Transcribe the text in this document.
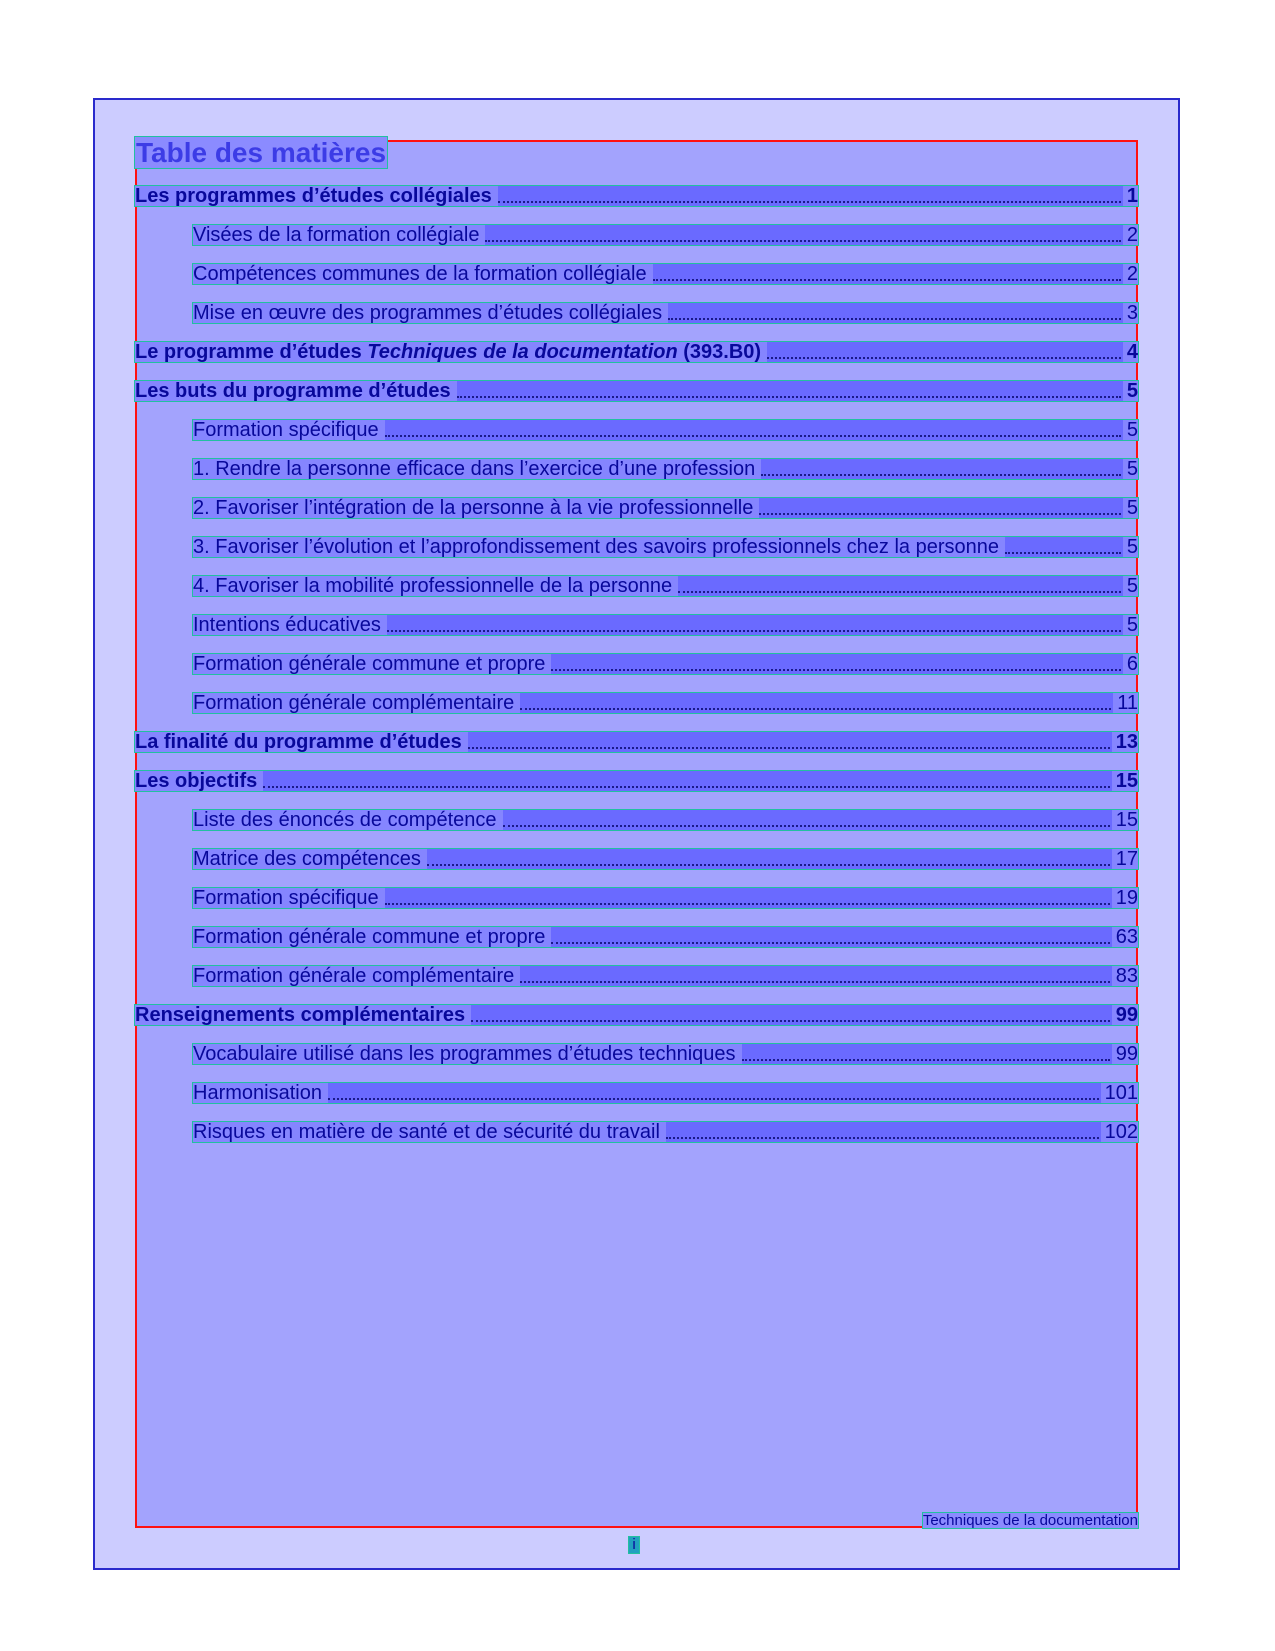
Table des matières
Les programmes d’études collégiales	1
Visées de la formation collégiale	2
Compétences communes de la formation collégiale	2
Mise en œuvre des programmes d’études collégiales	3
Le programme d’études Techniques de la documentation (393.B0)	4
Les buts du programme d’études	5
Formation spécifique	5
1. Rendre la personne efficace dans l’exercice d’une profession	5
2. Favoriser l’intégration de la personne à la vie professionnelle	5
3. Favoriser l’évolution et l’approfondissement des savoirs professionnels chez la personne	5
4. Favoriser la mobilité professionnelle de la personne	5
Intentions éducatives	5
Formation générale commune et propre	6
Formation générale complémentaire	11
La finalité du programme d’études	13
Les objectifs	15
Liste des énoncés de compétence	15
Matrice des compétences	17
Formation spécifique	19
Formation générale commune et propre	63
Formation générale complémentaire	83
Renseignements complémentaires	99
Vocabulaire utilisé dans les programmes d’études techniques	99
Harmonisation	101
Risques en matière de santé et de sécurité du travail	102
Techniques de la documentation
i
